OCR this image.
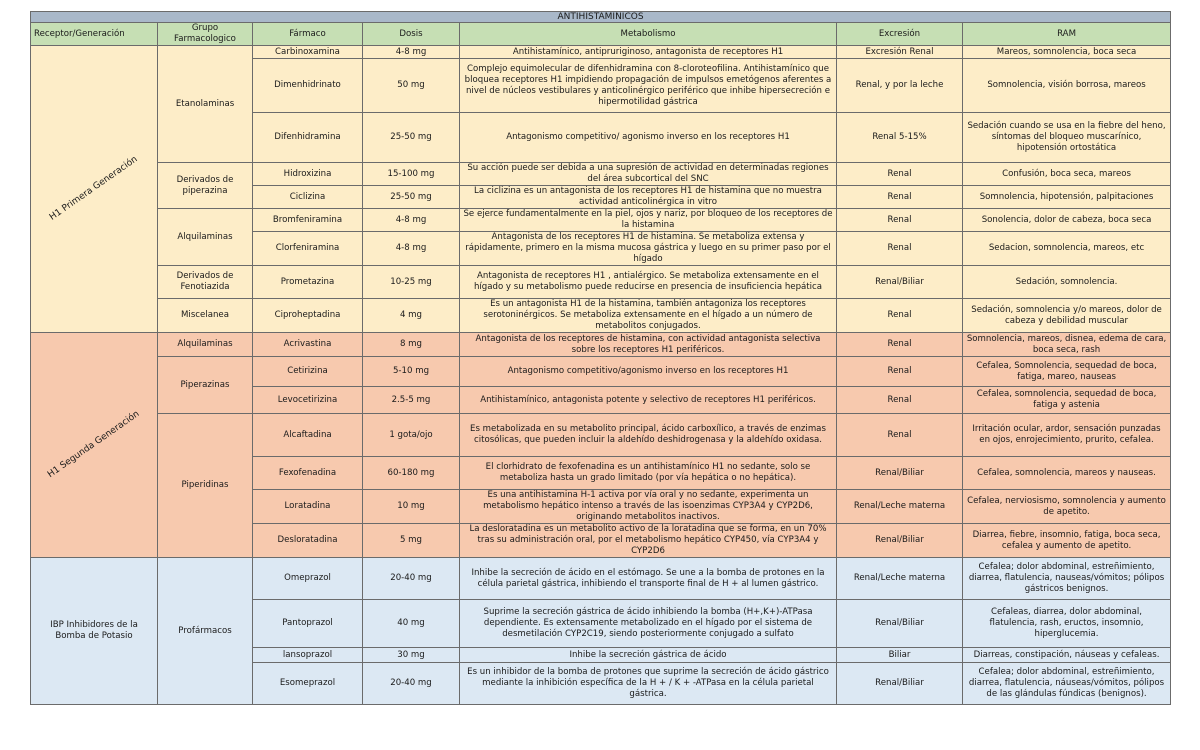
ANTIHISTAMINICOS						
Receptor/Generación	Grupo Farmacologico	Fármaco	Dosis	Metabolismo	Excresión	RAM

H1 Primera Generación	Etanolaminas	Carbinoxamina	4-8 mg	Antihistamínico, antipruriginoso, antagonista de receptores H1	Excresión Renal	Mareos, somnolencia, boca seca
		Dimenhidrinato	50 mg	Complejo equimolecular de difenhidramina con 8-cloroteofilina. Antihistamínico que bloquea receptores H1 impidiendo propagación de impulsos emetógenos aferentes a nivel de núcleos vestibulares y anticolinérgico periférico que inhibe hipersecreción e hipermotilidad gástrica	Renal, y por la leche	Somnolencia, visión borrosa, mareos
		Difenhidramina	25-50 mg	Antagonismo competitivo/ agonismo inverso en los receptores H1	Renal 5-15%	Sedación cuando se usa en la fiebre del heno, síntomas del bloqueo muscarínico, hipotensión ortostática
	Derivados de piperazina	Hidroxizina	15-100 mg	Su acción puede ser debida a una supresión de actividad en determinadas regiones del área subcortical del SNC	Renal	Confusión, boca seca, mareos
		Ciclizina	25-50 mg	La ciclizina es un antagonista de los receptores H1 de histamina que no muestra actividad anticolinérgica in vitro	Renal	Somnolencia, hipotensión, palpitaciones
	Alquilaminas	Bromfeniramina	4-8 mg	Se ejerce fundamentalmente en la piel, ojos y nariz, por bloqueo de los receptores de la histamina	Renal	Sonolencia, dolor de cabeza, boca seca
		Clorfeniramina	4-8 mg	Antagonista de los receptores H1 de histamina. Se metaboliza extensa y rápidamente, primero en la misma mucosa gástrica y luego en su primer paso por el hígado	Renal	Sedacion, somnolencia, mareos, etc
	Derivados de Fenotiazida	Prometazina	10-25 mg	Antagonista de receptores H1 , antialérgico. Se metaboliza extensamente en el hígado y su metabolismo puede reducirse en presencia de insuficiencia hepática	Renal/Biliar	Sedación, somnolencia.
	Miscelanea	Ciproheptadina	4 mg	Es un antagonista H1 de la histamina, también antagoniza los receptores serotoninérgicos. Se metaboliza extensamente en el hígado a un número de metabolitos conjugados.	Renal	Sedación, somnolencia y/o mareos, dolor de cabeza y debilidad muscular

H1 Segunda Generación	Alquilaminas	Acrivastina	8 mg	Antagonista de los receptores de histamina, con actividad antagonista selectiva sobre los receptores H1 periféricos.	Renal	Somnolencia, mareos, disnea, edema de cara, boca seca, rash
	Piperazinas	Cetirizina	5-10 mg	Antagonismo competitivo/agonismo inverso en los receptores H1	Renal	Cefalea, Somnolencia, sequedad de boca, fatiga, mareo, nauseas
		Levocetirizina	2.5-5 mg	Antihistamínico, antagonista potente y selectivo de receptores H1 periféricos.	Renal	Cefalea, somnolencia, sequedad de boca, fatiga y astenia
	Piperidinas	Alcaftadina	1 gota/ojo	Es metabolizada en su metabolito principal, ácido carboxílico, a través de enzimas citosólicas, que pueden incluir la aldehído deshidrogenasa y la aldehído oxidasa.	Renal	Irritación ocular, ardor, sensación punzadas en ojos, enrojecimiento, prurito, cefalea.
		Fexofenadina	60-180 mg	El clorhidrato de fexofenadina es un antihistamínico H1 no sedante, solo se metaboliza hasta un grado limitado (por vía hepática o no hepática).	Renal/Biliar	Cefalea, somnolencia, mareos y nauseas.
		Loratadina	10 mg	Es una antihistamina H-1 activa por vía oral y no sedante, experimenta un metabolismo hepático intenso a través de las isoenzimas CYP3A4 y CYP2D6, originando metabolitos inactivos.	Renal/Leche materna	Cefalea, nerviosismo, somnolencia y aumento de apetito.
		Desloratadina	5 mg	La desloratadina es un metabolito activo de la loratadina que se forma, en un 70% tras su administración oral, por el metabolismo hepático CYP450, vía CYP3A4 y CYP2D6	Renal/Biliar	Diarrea, fiebre, insomnio, fatiga, boca seca, cefalea y aumento de apetito.
IBP Inhibidores de la Bomba de Potasio	Profármacos	Omeprazol	20-40 mg	Inhibe la secreción de ácido en el estómago. Se une a la bomba de protones en la célula parietal gástrica, inhibiendo el transporte final de H + al lumen gástrico.	Renal/Leche materna	Cefalea; dolor abdominal, estreñimiento, diarrea, flatulencia, nauseas/vómitos; pólipos gástricos benignos.
		Pantoprazol	40 mg	Suprime la secreción gástrica de ácido inhibiendo la bomba (H+,K+)-ATPasa dependiente. Es extensamente metabolizado en el hígado por el sistema de desmetilación CYP2C19, siendo posteriormente conjugado a sulfato	Renal/Biliar	Cefaleas, diarrea, dolor abdominal, flatulencia, rash, eructos, insomnio, hiperglucemia.
		lansoprazol	30 mg	Inhibe la secreción gástrica de ácido	Biliar	Diarreas, constipación, náuseas y cefaleas.
		Esomeprazol	20-40 mg	Es un inhibidor de la bomba de protones que suprime la secreción de ácido gástrico mediante la inhibición específica de la H + / K + -ATPasa en la célula parietal gástrica.	Renal/Biliar	Cefalea; dolor abdominal, estreñimiento, diarrea, flatulencia, náuseas/vómitos, pólipos de las glándulas fúndicas (benignos).
